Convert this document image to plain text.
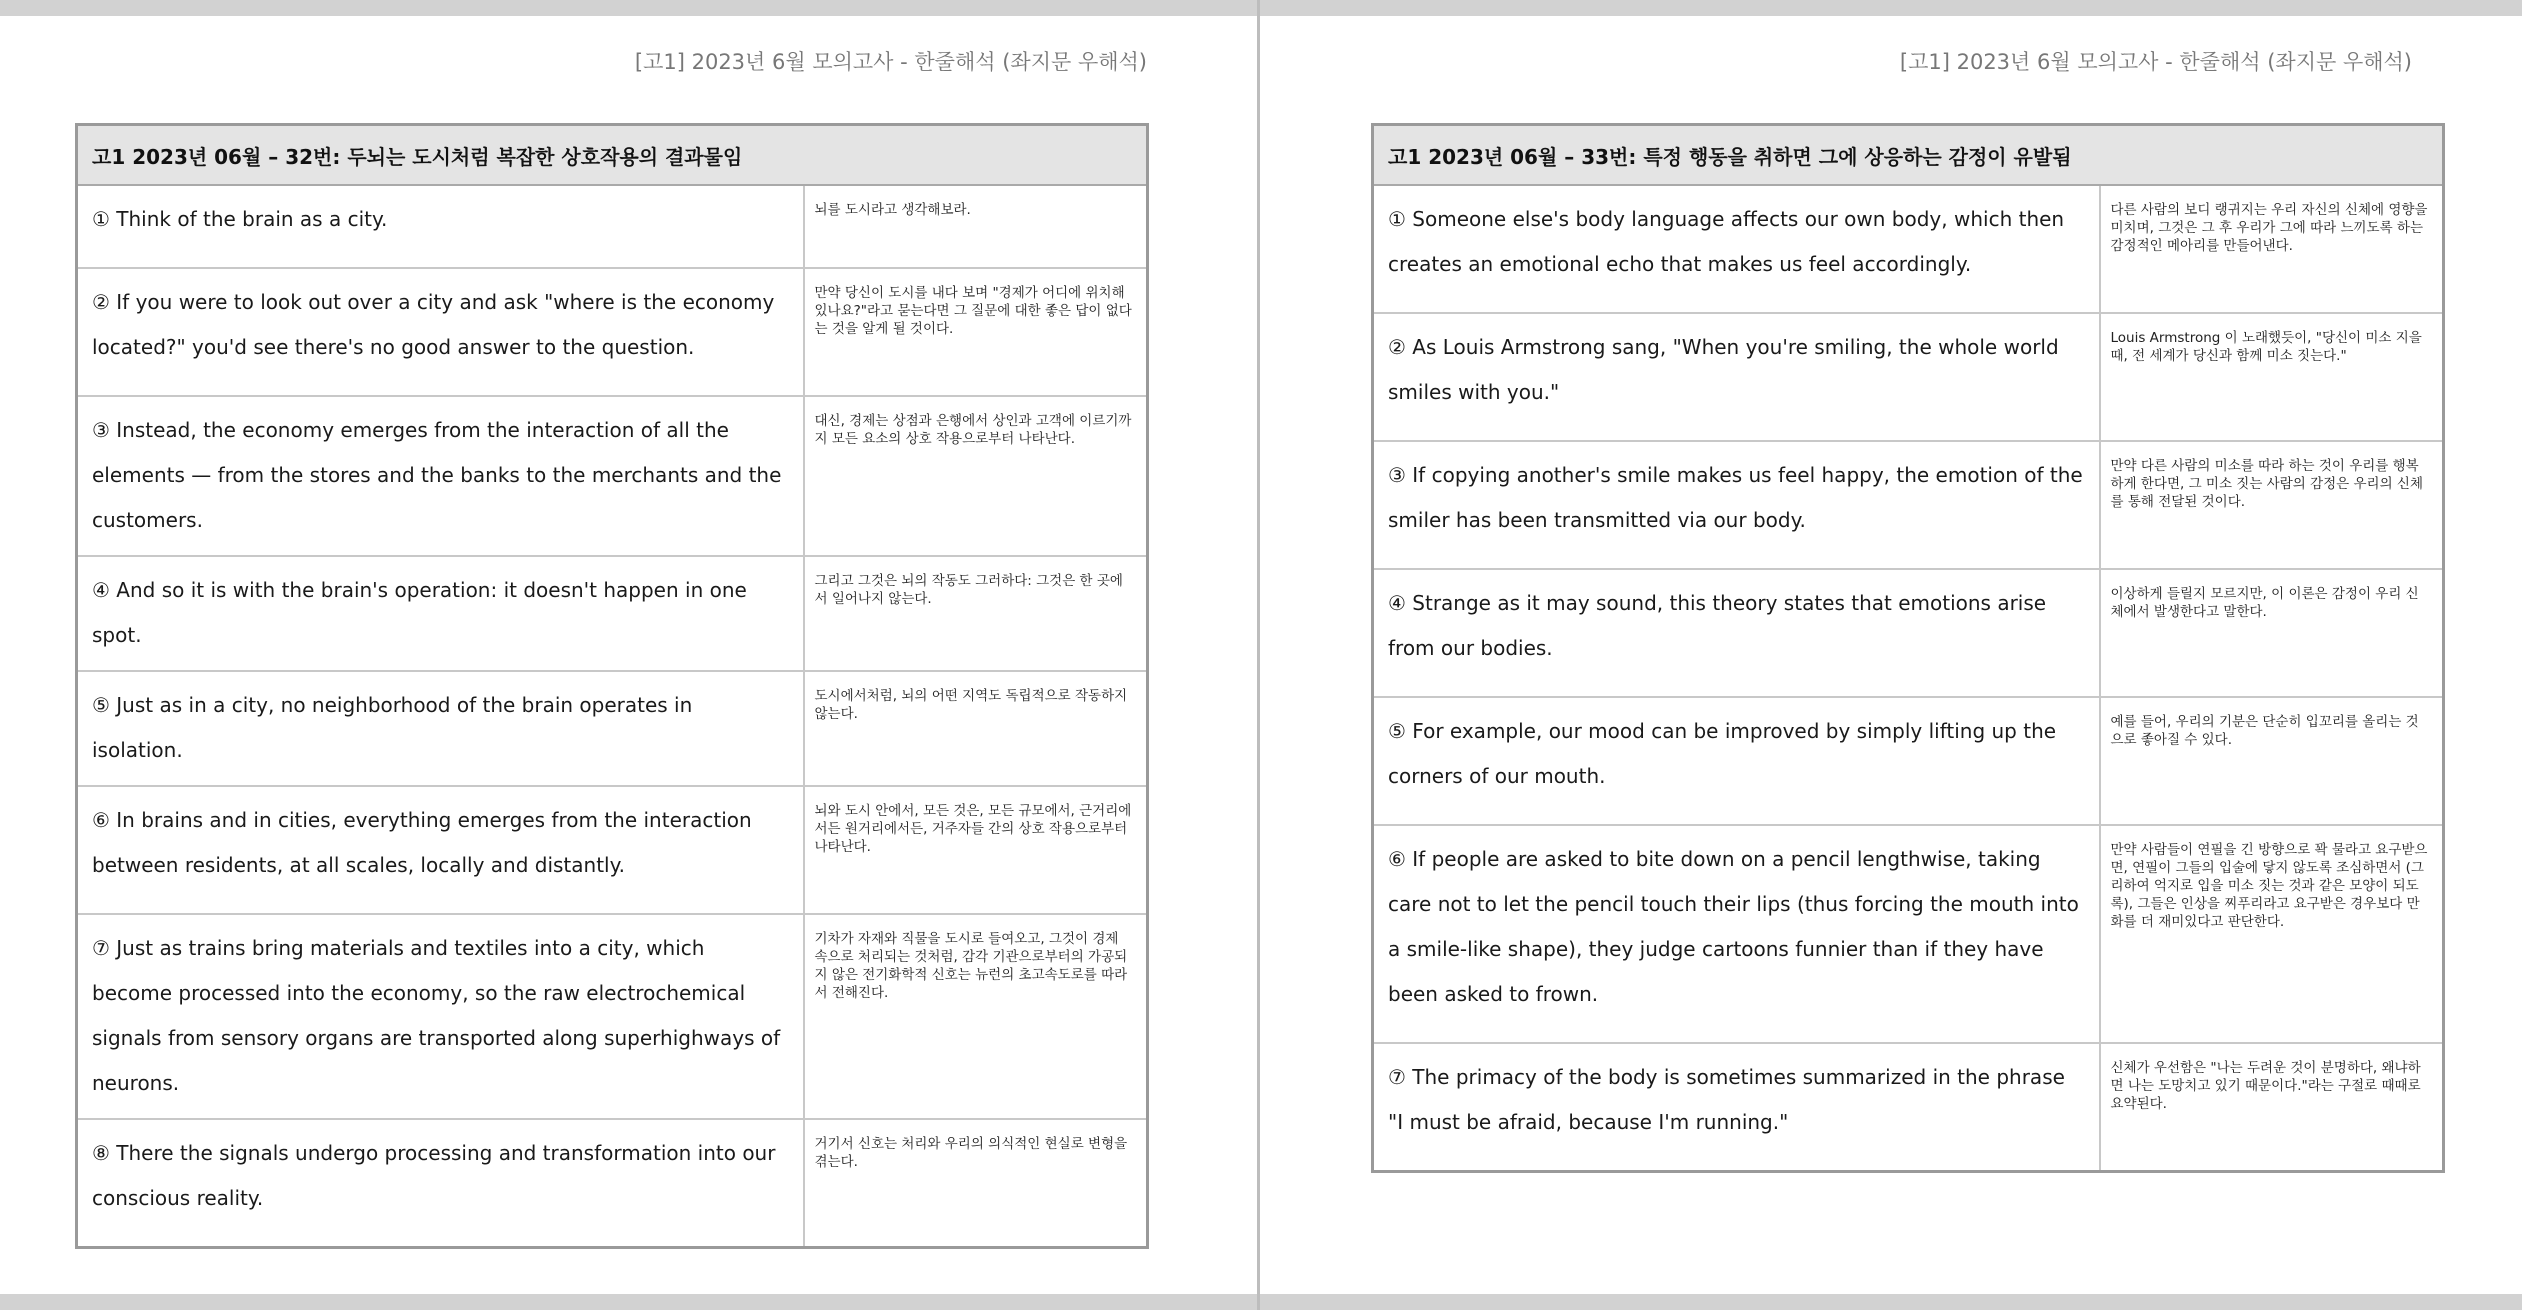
[고1] 2023년 6월 모의고사 - 한줄해석 (좌지문 우해석)
고1 2023년 06월 – 32번: 두뇌는 도시처럼 복잡한 상호작용의 결과물임	
① Think of the brain as a city.	뇌를 도시라고 생각해보라.
② If you were to look out over a city and ask "where is the economy located?" you'd see there's no good answer to the question.	만약 당신이 도시를 내다 보며 "경제가 어디에 위치해 있나요?"라고 묻는다면 그 질문에 대한 좋은 답이 없다는 것을 알게 될 것이다.
③ Instead, the economy emerges from the interaction of all the elements — from the stores and the banks to the merchants and the customers.	대신, 경제는 상점과 은행에서 상인과 고객에 이르기까지 모든 요소의 상호 작용으로부터 나타난다.
④ And so it is with the brain's operation: it doesn't happen in one spot.	그리고 그것은 뇌의 작동도 그러하다: 그것은 한 곳에서 일어나지 않는다.
⑤ Just as in a city, no neighborhood of the brain operates in isolation.	도시에서처럼, 뇌의 어떤 지역도 독립적으로 작동하지 않는다.
⑥ In brains and in cities, everything emerges from the interaction between residents, at all scales, locally and distantly.	뇌와 도시 안에서, 모든 것은, 모든 규모에서, 근거리에서든 원거리에서든, 거주자들 간의 상호 작용으로부터 나타난다.
⑦ Just as trains bring materials and textiles into a city, which become processed into the economy, so the raw electrochemical signals from sensory organs are transported along superhighways of neurons.	기차가 자재와 직물을 도시로 들여오고, 그것이 경제 속으로 처리되는 것처럼, 감각 기관으로부터의 가공되지 않은 전기화학적 신호는 뉴런의 초고속도로를 따라서 전해진다.
⑧ There the signals undergo processing and transformation into our conscious reality.	거기서 신호는 처리와 우리의 의식적인 현실로 변형을 겪는다.
[고1] 2023년 6월 모의고사 - 한줄해석 (좌지문 우해석)
고1 2023년 06월 – 33번: 특정 행동을 취하면 그에 상응하는 감정이 유발됨	
① Someone else's body language affects our own body, which then creates an emotional echo that makes us feel accordingly.	다른 사람의 보디 랭귀지는 우리 자신의 신체에 영향을 미치며, 그것은 그 후 우리가 그에 따라 느끼도록 하는 감정적인 메아리를 만들어낸다.
② As Louis Armstrong sang, "When you're smiling, the whole world smiles with you."	Louis Armstrong 이 노래했듯이, "당신이 미소 지을 때, 전 세계가 당신과 함께 미소 짓는다."
③ If copying another's smile makes us feel happy, the emotion of the smiler has been transmitted via our body.	만약 다른 사람의 미소를 따라 하는 것이 우리를 행복하게 한다면, 그 미소 짓는 사람의 감정은 우리의 신체를 통해 전달된 것이다.
④ Strange as it may sound, this theory states that emotions arise from our bodies.	이상하게 들릴지 모르지만, 이 이론은 감정이 우리 신체에서 발생한다고 말한다.
⑤ For example, our mood can be improved by simply lifting up the corners of our mouth.	예를 들어, 우리의 기분은 단순히 입꼬리를 올리는 것으로 좋아질 수 있다.
⑥ If people are asked to bite down on a pencil lengthwise, taking care not to let the pencil touch their lips (thus forcing the mouth into a smile-like shape), they judge cartoons funnier than if they have been asked to frown.	만약 사람들이 연필을 긴 방향으로 꽉 물라고 요구받으면, 연필이 그들의 입술에 닿지 않도록 조심하면서 (그리하여 억지로 입을 미소 짓는 것과 같은 모양이 되도록), 그들은 인상을 찌푸리라고 요구받은 경우보다 만화를 더 재미있다고 판단한다.
⑦ The primacy of the body is sometimes summarized in the phrase "I must be afraid, because I'm running."	신체가 우선함은 "나는 두려운 것이 분명하다, 왜냐하면 나는 도망치고 있기 때문이다."라는 구절로 때때로 요약된다.
